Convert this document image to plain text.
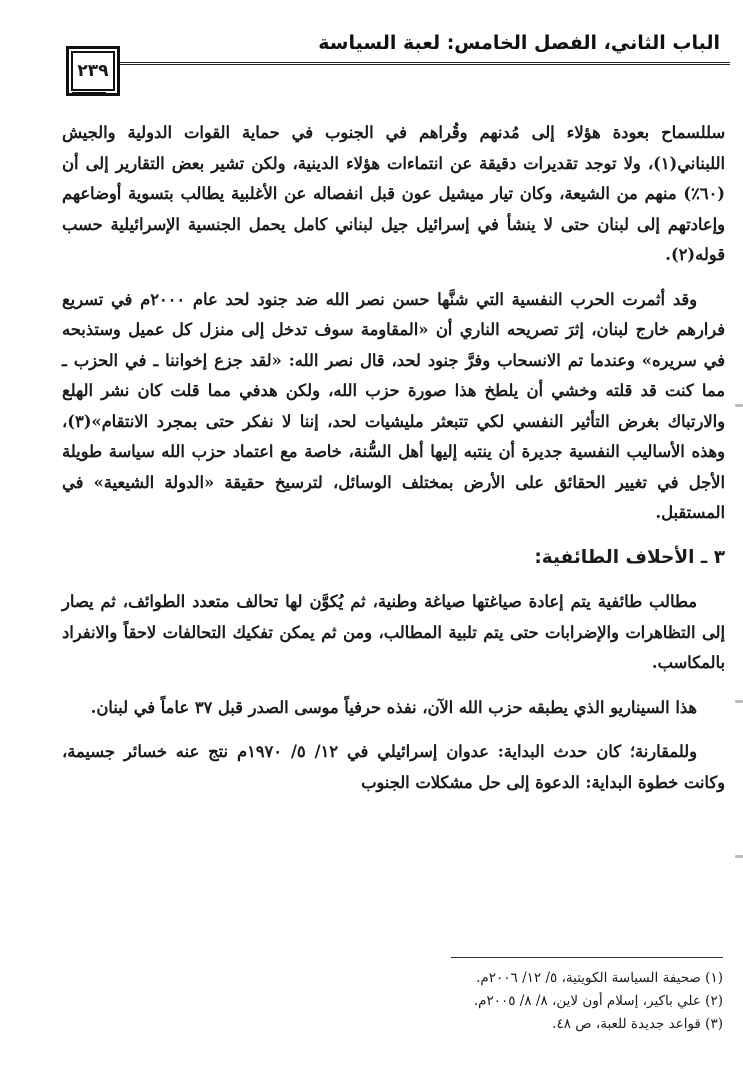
الباب الثاني، الفصل الخامس: لعبة السياسة
٢٣٩

سللسماح بعودة هؤلاء إلى مُدنهم وقُراهم في الجنوب في حماية القوات الدولية والجيش اللبناني(١)، ولا توجد تقديرات دقيقة عن انتماءات هؤلاء الدينية، ولكن تشير بعض التقارير إلى أن (٦٠٪) منهم من الشيعة، وكان تيار ميشيل عون قبل انفصاله عن الأغلبية يطالب بتسوية أوضاعهم وإعادتهم إلى لبنان حتى لا ينشأ في إسرائيل جيل لبناني كامل يحمل الجنسية الإسرائيلية حسب قوله(٢).

وقد أثمرت الحرب النفسية التي شنَّها حسن نصر الله ضد جنود لحد عام ٢٠٠٠م في تسريع فرارهم خارج لبنان، إثرَ تصريحه الناري أن «المقاومة سوف تدخل إلى منزل كل عميل وستذبحه في سريره» وعندما تم الانسحاب وفرَّ جنود لحد، قال نصر الله: «لقد جزع إخواننا ـ في الحزب ـ مما كنت قد قلته وخشي أن يلطخ هذا صورة حزب الله، ولكن هدفي مما قلت كان نشر الهلع والارتباك بغرض التأثير النفسي لكي تتبعثر مليشيات لحد، إننا لا نفكر حتى بمجرد الانتقام»(٣)، وهذه الأساليب النفسية جديرة أن ينتبه إليها أهل السُّنة، خاصة مع اعتماد حزب الله سياسة طويلة الأجل في تغيير الحقائق على الأرض بمختلف الوسائل، لترسيخ حقيقة «الدولة الشيعية» في المستقبل.

٣ ـ الأحلاف الطائفية:

مطالب طائفية يتم إعادة صياغتها صياغة وطنية، ثم يُكوَّن لها تحالف متعدد الطوائف، ثم يصار إلى التظاهرات والإضرابات حتى يتم تلبية المطالب، ومن ثم يمكن تفكيك التحالفات لاحقاً والانفراد بالمكاسب.

هذا السيناريو الذي يطبقه حزب الله الآن، نفذه حرفياً موسى الصدر قبل ٣٧ عاماً في لبنان.

وللمقارنة؛ كان حدث البداية: عدوان إسرائيلي في ١٢/ ٥/ ١٩٧٠م نتج عنه خسائر جسيمة، وكانت خطوة البداية: الدعوة إلى حل مشكلات الجنوب

(١) صحيفة السياسة الكويتية، ٥/ ١٢/ ٢٠٠٦م.
(٢) علي باكير، إسلام أون لاين، ٨/ ٨/ ٢٠٠٥م.
(٣) قواعد جديدة للعبة، ص ٤٨.
